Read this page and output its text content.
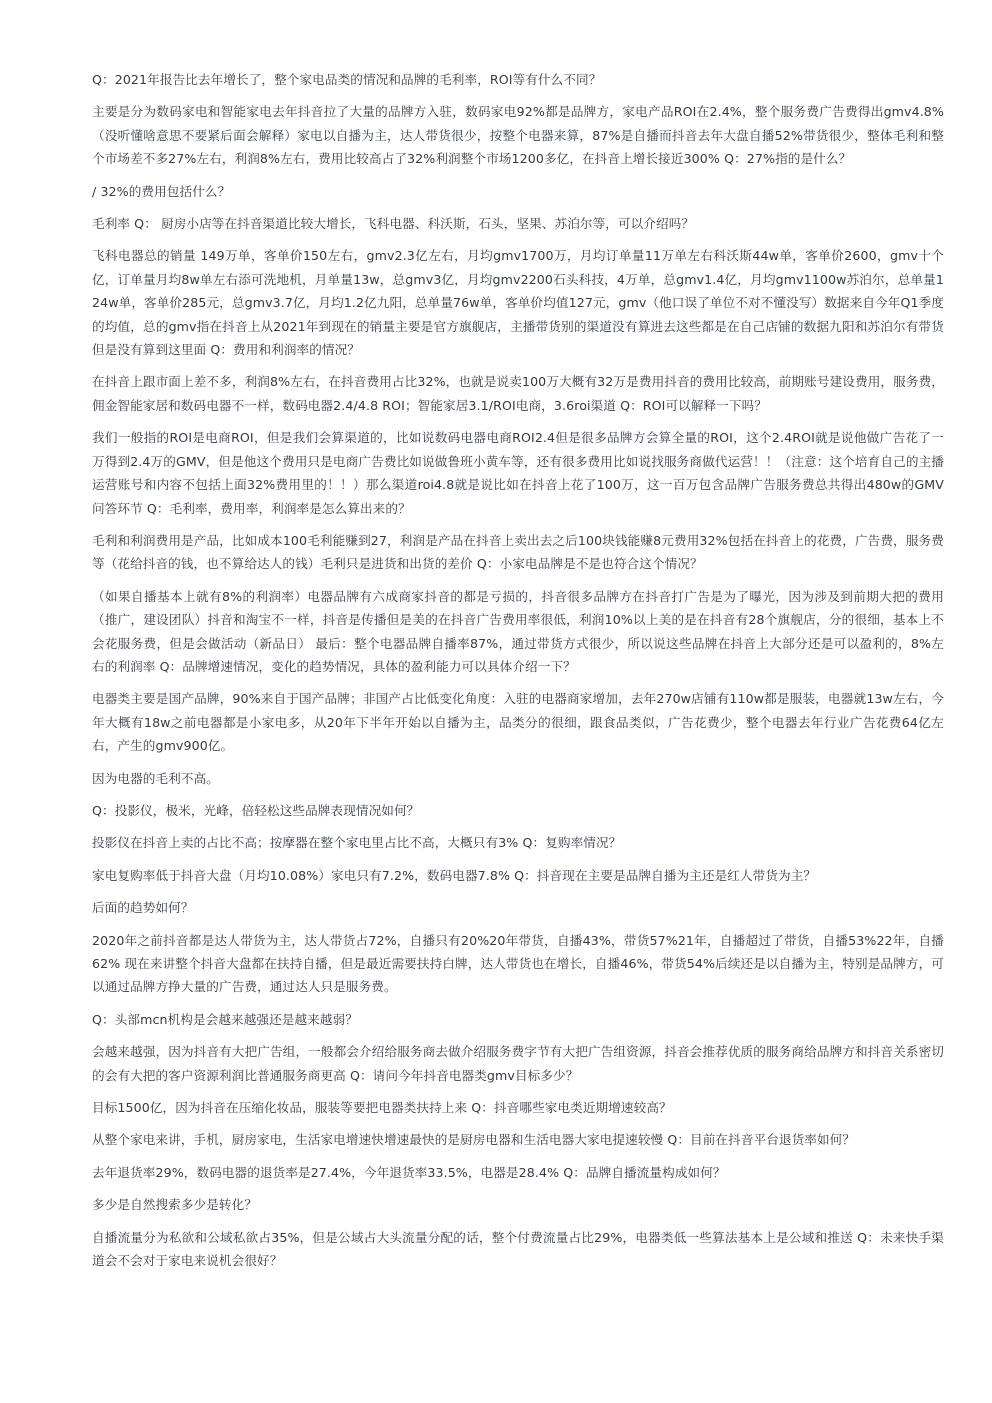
Q：2021年报告比去年增长了，整个家电品类的情况和品牌的毛利率，ROI等有什么不同？

主要是分为数码家电和智能家电去年抖音拉了大量的品牌方入驻，数码家电92%都是品牌方，家电产品ROI在2.4%，整个服务费广告费得出gmv4.8%（没听懂啥意思不要紧后面会解释）家电以自播为主，达人带货很少，按整个电器来算，87%是自播而抖音去年大盘自播52%带货很少，整体毛利和整个市场差不多27%左右，利润8%左右，费用比较高占了32%利润整个市场1200多亿，在抖音上增长接近300% Q：27%指的是什么？

/ 32%的费用包括什么？

毛利率 Q： 厨房小店等在抖音渠道比较大增长，飞科电器、科沃斯，石头，坚果、苏泊尔等，可以介绍吗？

飞科电器总的销量 149万单，客单价150左右，gmv2.3亿左右，月均gmv1700万，月均订单量11万单左右科沃斯44w单，客单价2600，gmv十个亿，订单量月均8w单左右添可洗地机，月单量13w，总gmv3亿，月均gmv2200石头科技，4万单，总gmv1.4亿，月均gmv1100w苏泊尔，总单量124w单，客单价285元，总gmv3.7亿，月均1.2亿九阳，总单量76w单，客单价均值127元，gmv（他口误了单位不对不懂没写）数据来自今年Q1季度的均值，总的gmv指在抖音上从2021年到现在的销量主要是官方旗舰店，主播带货别的渠道没有算进去这些都是在自己店铺的数据九阳和苏泊尔有带货但是没有算到这里面 Q：费用和利润率的情况？

在抖音上跟市面上差不多，利润8%左右，在抖音费用占比32%，也就是说卖100万大概有32万是费用抖音的费用比较高，前期账号建设费用，服务费，佣金智能家居和数码电器不一样，数码电器2.4/4.8 ROI；智能家居3.1/ROI电商，3.6roi渠道 Q：ROI可以解释一下吗？

我们一般指的ROI是电商ROI，但是我们会算渠道的，比如说数码电器电商ROI2.4但是很多品牌方会算全量的ROI，这个2.4ROI就是说他做广告花了一万得到2.4万的GMV，但是他这个费用只是电商广告费比如说做鲁班小黄车等，还有很多费用比如说找服务商做代运营！！（注意：这个培育自己的主播运营账号和内容不包括上面32%费用里的！！）那么渠道roi4.8就是说比如在抖音上花了100万，这一百万包含品牌广告服务费总共得出480w的GMV 问答环节 Q：毛利率，费用率，利润率是怎么算出来的？

毛利和利润费用是产品，比如成本100毛利能赚到27，利润是产品在抖音上卖出去之后100块钱能赚8元费用32%包括在抖音上的花费，广告费，服务费等（花给抖音的钱，也不算给达人的钱）毛利只是进货和出货的差价 Q：小家电品牌是不是也符合这个情况？

（如果自播基本上就有8%的利润率）电器品牌有六成商家抖音的都是亏损的，抖音很多品牌方在抖音打广告是为了曝光，因为涉及到前期大把的费用（推广，建设团队）抖音和淘宝不一样，抖音是传播但是美的在抖音广告费用率很低，利润10%以上美的是在抖音有28个旗舰店，分的很细，基本上不会花服务费，但是会做活动（新品日） 最后：整个电器品牌自播率87%，通过带货方式很少，所以说这些品牌在抖音上大部分还是可以盈利的，8%左右的利润率 Q：品牌增速情况，变化的趋势情况，具体的盈利能力可以具体介绍一下？

电器类主要是国产品牌，90%来自于国产品牌；非国产占比低变化角度：入驻的电器商家增加，去年270w店铺有110w都是服装，电器就13w左右，今年大概有18w之前电器都是小家电多，从20年下半年开始以自播为主，品类分的很细，跟食品类似，广告花费少，整个电器去年行业广告花费64亿左右，产生的gmv900亿。

因为电器的毛利不高。

Q：投影仪，极米，光峰，倍轻松这些品牌表现情况如何？

投影仪在抖音上卖的占比不高；按摩器在整个家电里占比不高，大概只有3% Q：复购率情况？

家电复购率低于抖音大盘（月均10.08%）家电只有7.2%，数码电器7.8% Q：抖音现在主要是品牌自播为主还是红人带货为主？

后面的趋势如何？

2020年之前抖音都是达人带货为主，达人带货占72%，自播只有20%20年带货，自播43%，带货57%21年，自播超过了带货，自播53%22年，自播62% 现在来讲整个抖音大盘都在扶持自播，但是最近需要扶持白牌，达人带货也在增长，自播46%，带货54%后续还是以自播为主，特别是品牌方，可以通过品牌方挣大量的广告费，通过达人只是服务费。

Q：头部mcn机构是会越来越强还是越来越弱？

会越来越强，因为抖音有大把广告组，一般都会介绍给服务商去做介绍服务费字节有大把广告组资源，抖音会推荐优质的服务商给品牌方和抖音关系密切的会有大把的客户资源利润比普通服务商更高 Q：请问今年抖音电器类gmv目标多少？

目标1500亿，因为抖音在压缩化妆品，服装等要把电器类扶持上来 Q：抖音哪些家电类近期增速较高？

从整个家电来讲，手机，厨房家电，生活家电增速快增速最快的是厨房电器和生活电器大家电提速较慢 Q：目前在抖音平台退货率如何？

去年退货率29%，数码电器的退货率是27.4%，今年退货率33.5%，电器是28.4% Q：品牌自播流量构成如何？

多少是自然搜索多少是转化？

自播流量分为私欲和公域私欲占35%，但是公域占大头流量分配的话，整个付费流量占比29%，电器类低一些算法基本上是公域和推送 Q：未来快手渠道会不会对于家电来说机会很好？
